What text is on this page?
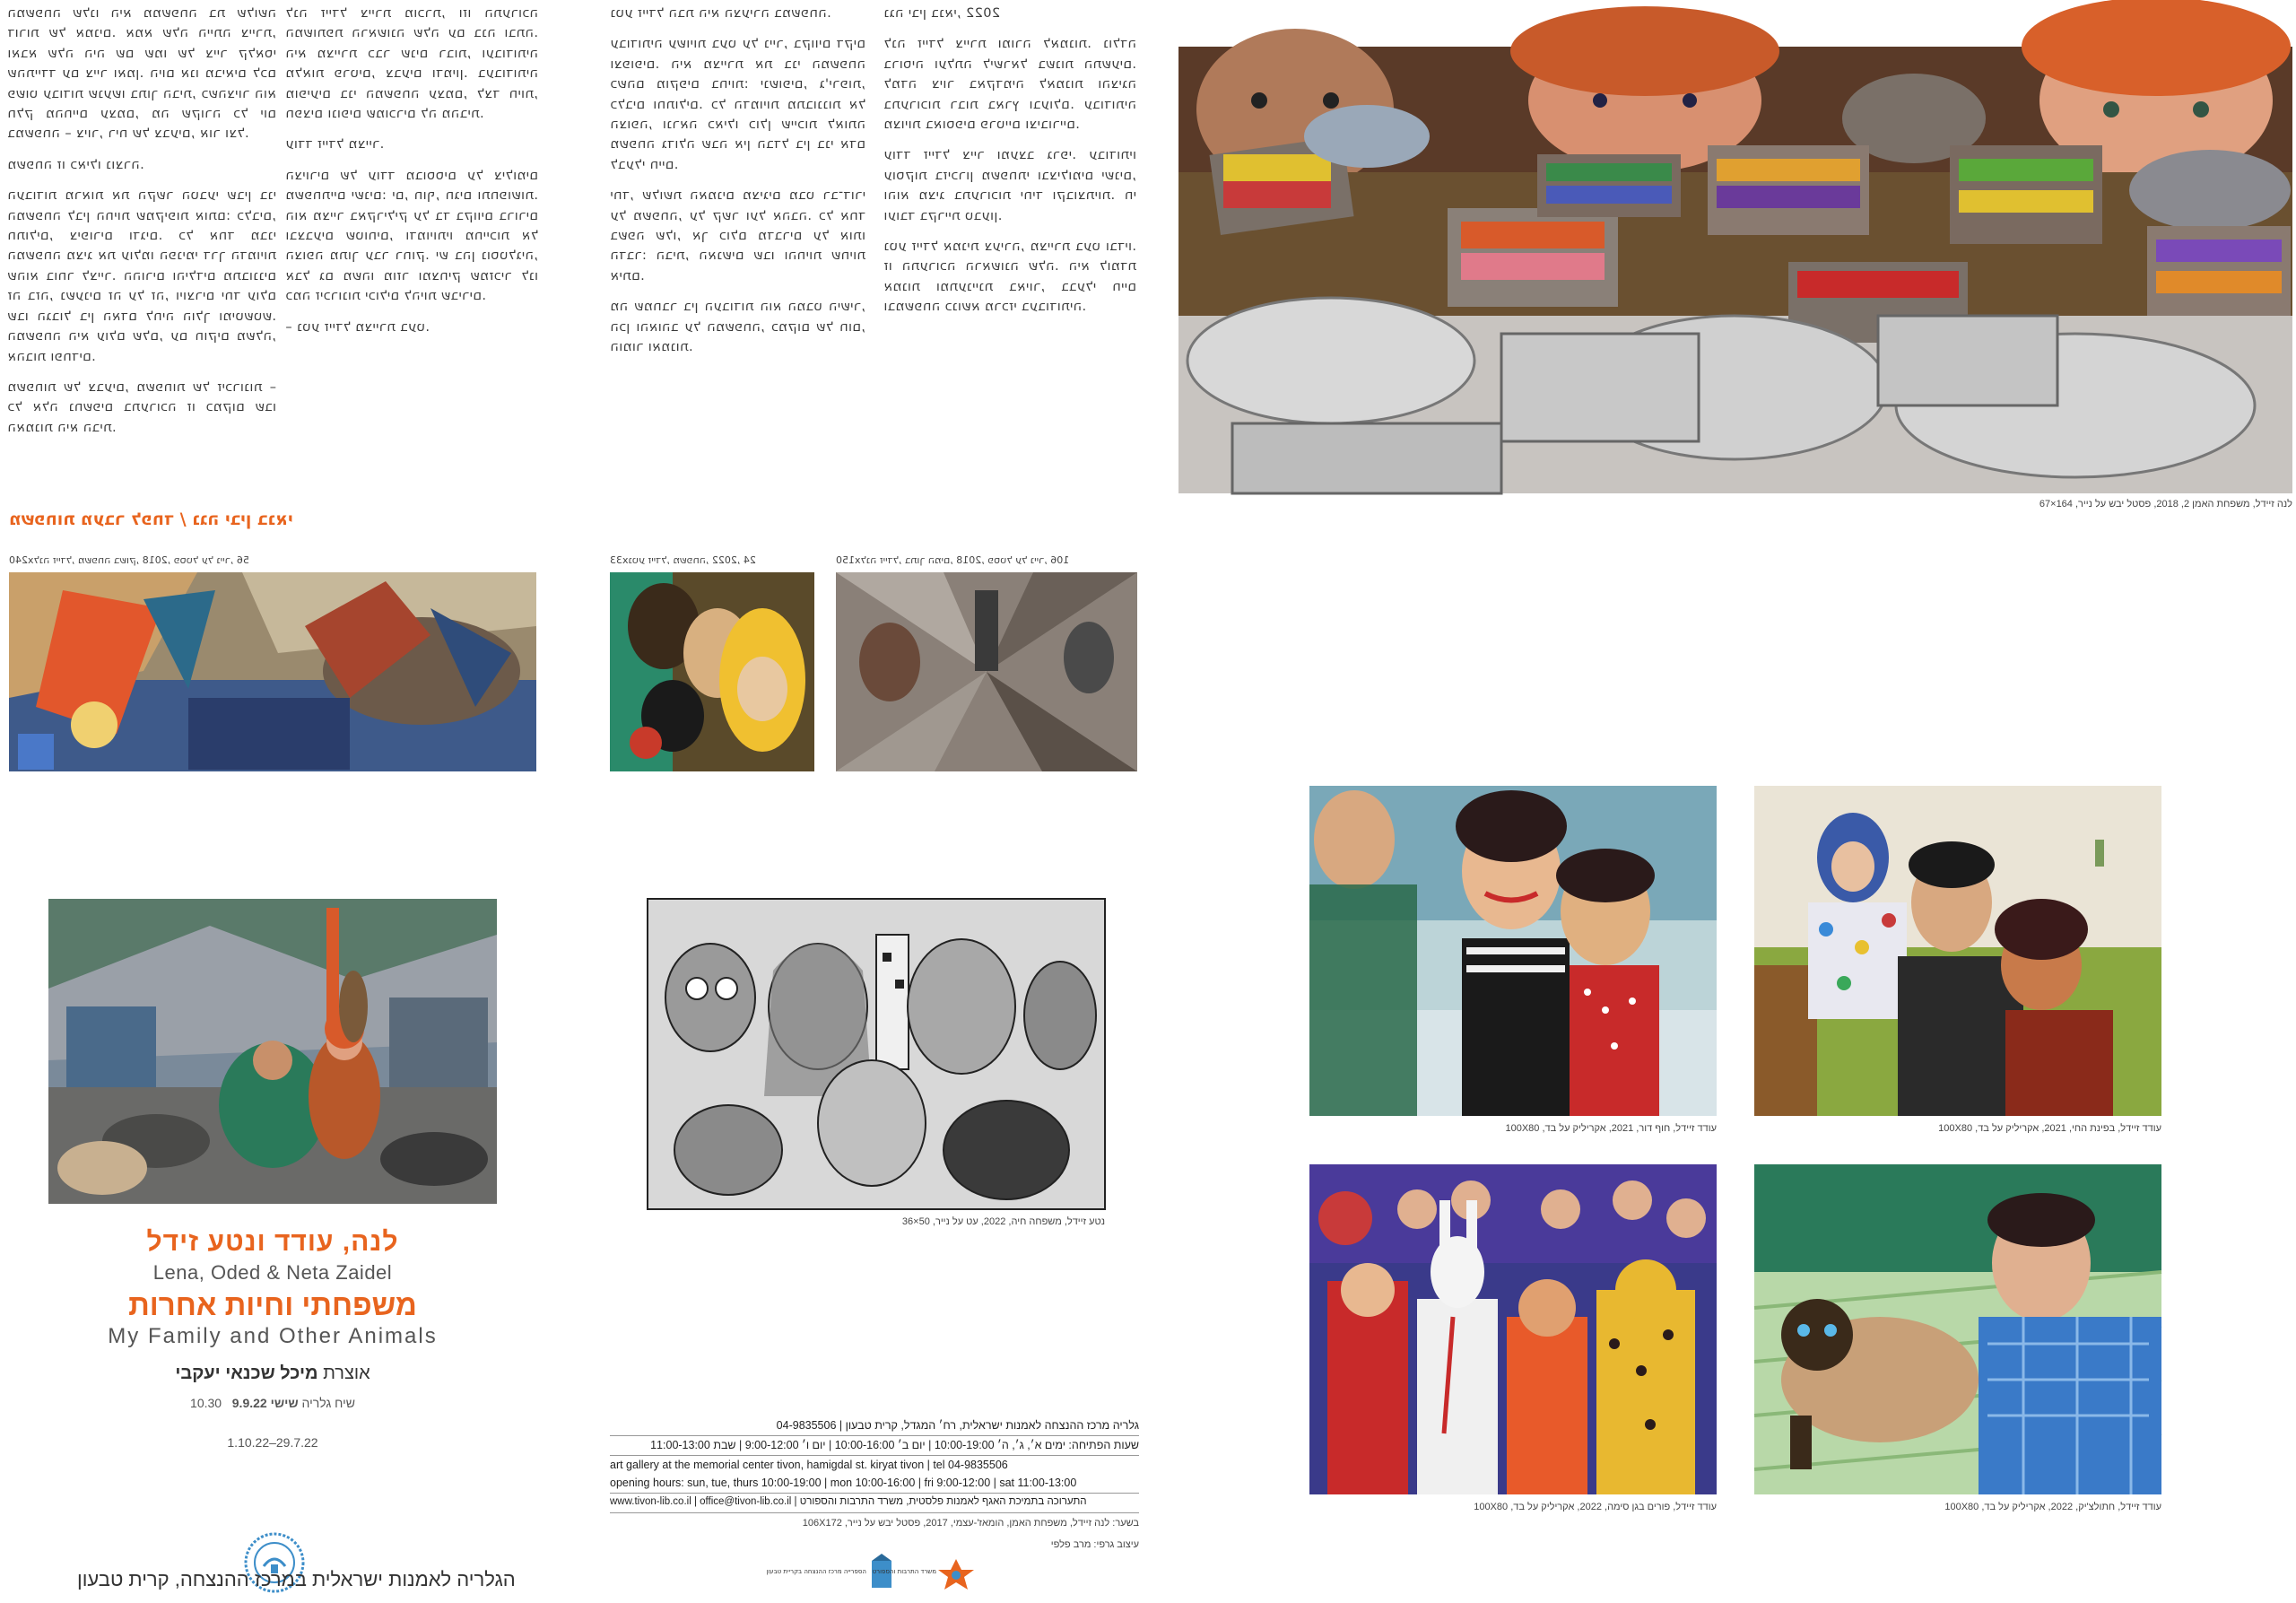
המשפחה שלנו היא ממשפחה בת שלושה דורות של אמנים. אמא שלה הייתה ציירת, ואבא שלה היה שם שמו של צייר קלאסי שהתיידד עם צייר ואמן. היום אנו מביאים לכם פשוט עבודות שנעשו בתוך הבית, כשהציור הוא חלק מהחיים עצמם, מה שקורה כל יום במשפחה – ציור, ריח של צבעים, אור וצל.

משפחה זו כאילו נוצרה.

העבודות מראות את הקשר הטבעי שבין בני המשפחה לבין החיות שמקיפות אותם: כלבים, חתולים, ציפורים ודגים. כל אחד מבני המשפחה מציג את עולמו הפנימי דרך הדמויות שהוא בוחר לצייר. ההורים והילדים מתבוננים זה בזה, נשענים זה על זה, ויוצרים יחד עולם שבו הגבול בין האדם לחיה הולך ומיטשטש. המשפחה היא עולם שלם, עם חוקים משלה, אהבות ופחדים.

משפחות של צבעים, משפחות של זיכרונות – כל אלה נחשפים בתערוכה זו כמקום שבו האמנות היא הבית.

לנה זיידל ציירת מוכרת, וזו התערוכה המשותפת הראשונה שלה עם בנה ובתה. היא מציירת כבר שנים רבות, ועבודותיה מלאות פרטים, צבעים ודמיון. בעבודותיה מופיעים בני המשפחה עצמם, לצד חיות, חפצים ונופים שמוכרים לה מהבית.

עודד זיידל מצייר.

הציורים של עודד מבוססים על צילומים משפחתיים ישנים: ים, חוף, חגים ותחפושות. הוא מצייר באקריליק על בד בקווים ברורים ובצבעים שטוחים, ודמויותיו מחייכות אל הצופה מתוך עבר רחוק. יש בהן נוסטלגיה, אבל גם משהו מוזר ומצחיק שמזכיר לנו כמה זיכרונות יכולים להיות שבירים.

– נטע זיידל מציירת בעט.

נטע זיידל הבת היא הצעירה במשפחה.

עבודותיה עשויות בעט על נייר, בקווים דקים וצפופים. היא מציירת את בני המשפחה כשהם מוקפים בחיות: ינשופים, ג'ירפות, כלבים וחתולים. כל הדמויות מתבוננות אל הצופה, ונראה כאילו כולן שייכות לאותה משפחה גדולה שבה אין הבדל בין בני אדם לבעלי חיים.

יחד, שלושת האמנים מציגים מבט רב־דורי על משפחה, על קשר ועל אהבה. כל אחד בשפה שלו, אך כולם מדברים על אותו הדבר: הבית, האנשים שבו והחיות שחיות איתם.

מה שמחבר בין העבודות הוא המבט הישיר, הכן והאוהב על המשפחה, כמקום של חום, הומור ואמנות.

נגה יבין בנאי, 2022

לנה זיידל ציירת ומורה לאמנות. נולדה ברוסיה ועלתה לישראל בשנות התשעים. למדה ציור באקדמיה לאמנות והציגה בתערוכות רבות בארץ ובעולם. עבודותיה מצויות באוספים פרטיים וציבוריים.

עודד זיידל צייר ומעצב גרפי. עבודותיו עוסקות בזיכרון משפחתי ובצילומים ישנים, והוא מציג בתערוכות יחיד וקבוצתיות. חי ועובד בקריית טבעון.

נטע זיידל אמנית צעירה, מציירת בעט ובדיו. זו התערוכה הראשונה שלה. היא לומדת אמנות ומתעניינת באיור, בבעלי חיים ובמשפחה כנושא מרכזי בעבודותיה.

משפחות מעבר לפחד / נגה יבין בנאי
לנה זיידל, משפחה בשוק, 2018, פסטל על נייר, 56x240	נטע זיידל, משפחה, 2022, 24x33	לנה זיידל, בתוך המים, 2018, פסטל על נייר, 106x150
לנה זיידל, משפחת האמן 2, 2018, פסטל יבש על נייר, 164×67
לנה, עודד ונטע זידל
Lena, Oded & Neta Zaidel
משפחתי וחיות אחרות
My Family and Other Animals
אוצרת מיכל שכנאי יעקבי
שיח גלריה שישי 9.9.22   10.30
1.10.22–29.7.22
הגלריה לאמנות ישראלית במרכז ההנצחה, קרית טבעון
נטע זיידל, משפחה חיה, 2022, עט על נייר, 50×36
גלריה מרכז ההנצחה לאמנות ישראלית, רח׳ המגדל, קרית טבעון | 04-9835506
שעות הפתיחה: ימים א׳, ג׳, ה׳ 10:00-19:00 | יום ב׳ 10:00-16:00 | יום ו׳ 9:00-12:00 | שבת 11:00-13:00
art gallery at the memorial center tivon, hamigdal st. kiryat tivon | tel 04-9835506
opening hours: sun, tue, thurs 10:00-19:00 | mon 10:00-16:00 | fri 9:00-12:00 | sat 11:00-13:00
www.tivon-lib.co.il | office@tivon-lib.co.il | התערוכה בתמיכת האגף לאמנות פלסטית, משרד התרבות והספורט
בשער: לנה זיידל, משפחת האמן, הומאז'-עצמי, 2017, פסטל יבש על נייר, 106X172
עיצוב גרפי: מרב פלפי
הספרייה מרכז ההנצחה בקריית טבעון משרד התרבות והספורט
עודד זיידל, חוף דור, 2021, אקריליק על בד, 100X80	עודד זיידל, בפינת החי, 2021, אקריליק על בד, 100X80
עודד זיידל, פורים בגן סימה, 2022, אקריליק על בד, 100X80	עודד זיידל, חתולצ'יק, 2022, אקריליק על בד, 100X80
